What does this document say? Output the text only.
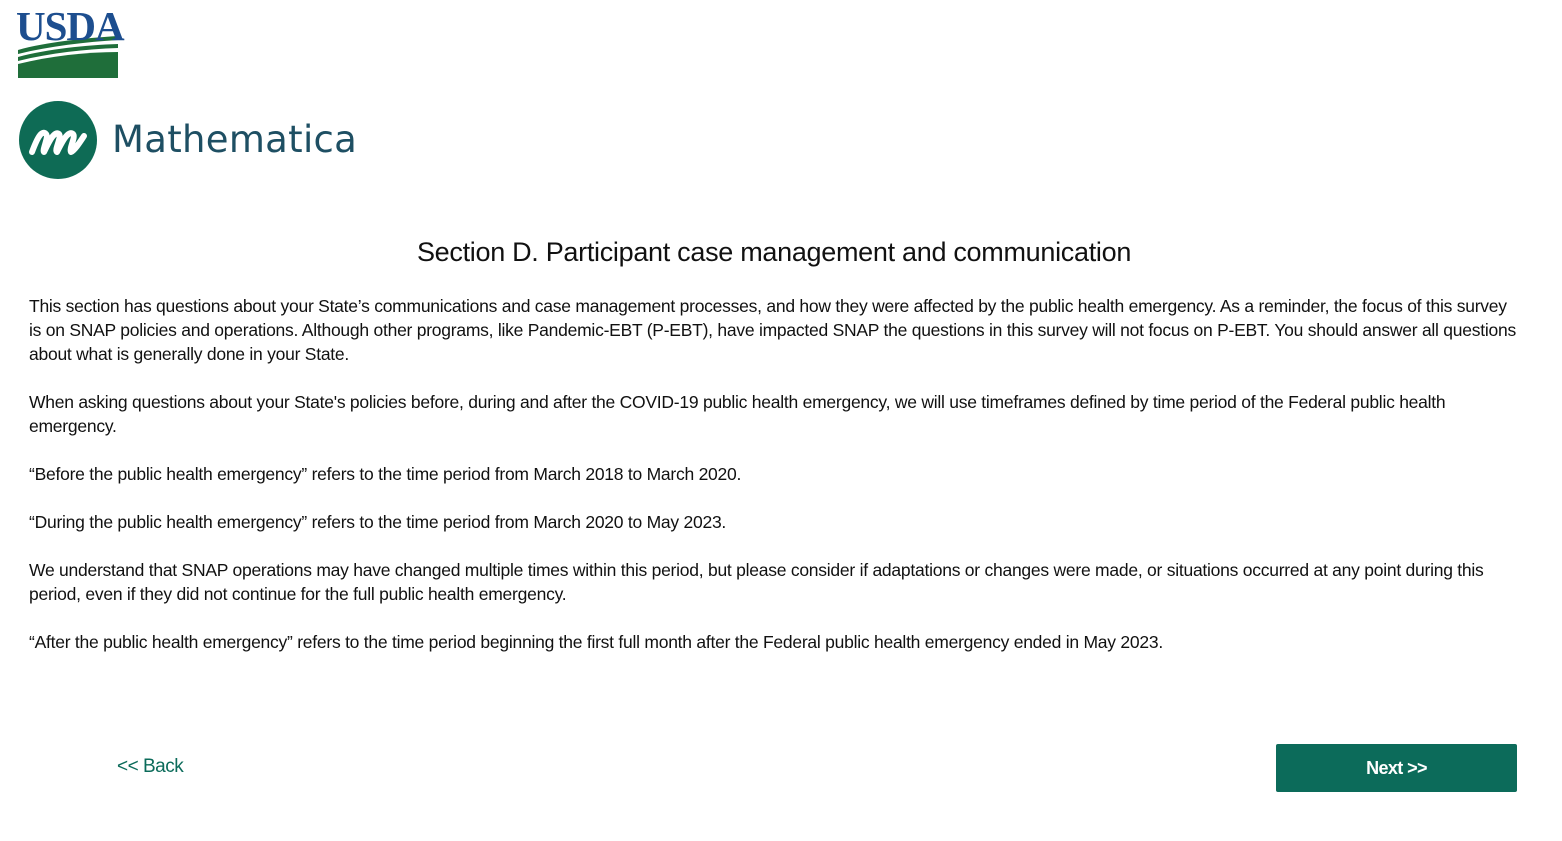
USDA
Mathematica
Section D. Participant case management and communication

This section has questions about your State’s communications and case management processes, and how they were affected by the public health emergency. As a reminder, the focus of this survey is on SNAP policies and operations. Although other programs, like Pandemic-EBT (P-EBT), have impacted SNAP the questions in this survey will not focus on P-EBT. You should answer all questions about what is generally done in your State.

When asking questions about your State's policies before, during and after the COVID-19 public health emergency, we will use timeframes defined by time period of the Federal public health emergency.

“Before the public health emergency” refers to the time period from March 2018 to March 2020.

“During the public health emergency” refers to the time period from March 2020 to May 2023.

We understand that SNAP operations may have changed multiple times within this period, but please consider if adaptations or changes were made, or situations occurred at any point during this period, even if they did not continue for the full public health emergency.

“After the public health emergency” refers to the time period beginning the first full month after the Federal public health emergency ended in May 2023.

<< Back	Next >>
